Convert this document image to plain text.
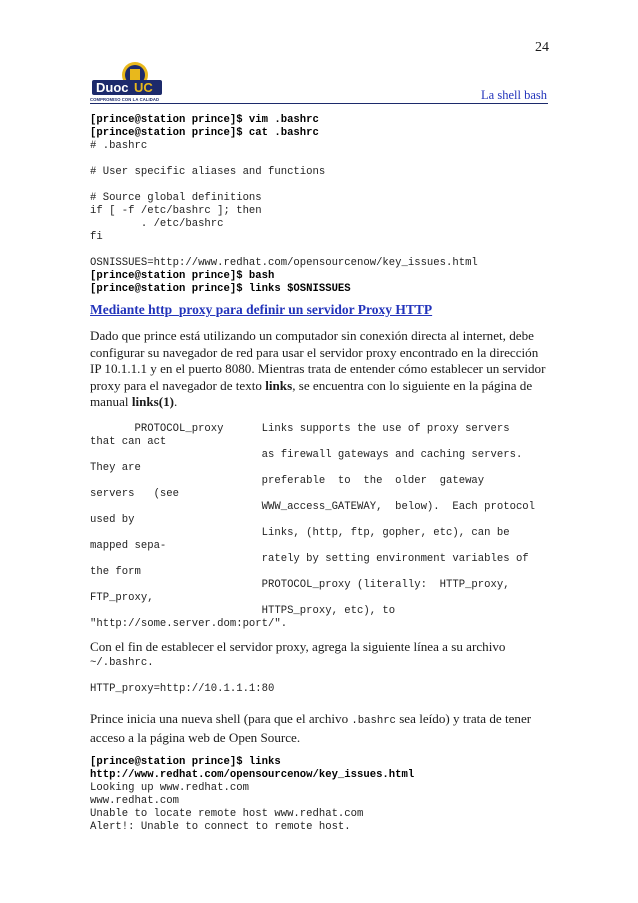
24
Duoc UC
COMPROMISO CON LA CALIDAD	La shell bash
[prince@station prince]$ vim .bashrc
[prince@station prince]$ cat .bashrc
# .bashrc
# User specific aliases and functions
# Source global definitions
if [ -f /etc/bashrc ]; then
. /etc/bashrc
fi
OSNISSUES=http://www.redhat.com/opensourcenow/key_issues.html
[prince@station prince]$ bash
[prince@station prince]$ links $OSNISSUES
Mediante http_proxy para definir un servidor Proxy HTTP

Dado que prince está utilizando un computador sin conexión directa al internet, debe configurar su navegador de red para usar el servidor proxy encontrado en la dirección IP 10.1.1.1 y en el puerto 8080. Mientras trata de entender cómo establecer un servidor proxy para el navegador de texto links, se encuentra con lo siguiente en la página de manual links(1).

PROTOCOL_proxy      Links supports the use of proxy servers
that can act
as firewall gateways and caching servers.
They are
preferable  to  the  older  gateway
servers   (see
WWW_access_GATEWAY,  below).  Each protocol
used by
Links, (http, ftp, gopher, etc), can be
mapped sepa-
rately by setting environment variables of
the form
PROTOCOL_proxy (literally:  HTTP_proxy,
FTP_proxy,
HTTPS_proxy, etc), to
"http://some.server.dom:port/".

Con el fin de establecer el servidor proxy, agrega la siguiente línea a su archivo

~/.bashrc.
HTTP_proxy=http://10.1.1.1:80

Prince inicia una nueva shell (para que el archivo .bashrc sea leído) y trata de tener acceso a la página web de Open Source.

[prince@station prince]$ links
http://www.redhat.com/opensourcenow/key_issues.html
Looking up www.redhat.com
www.redhat.com
Unable to locate remote host www.redhat.com
Alert!: Unable to connect to remote host.
